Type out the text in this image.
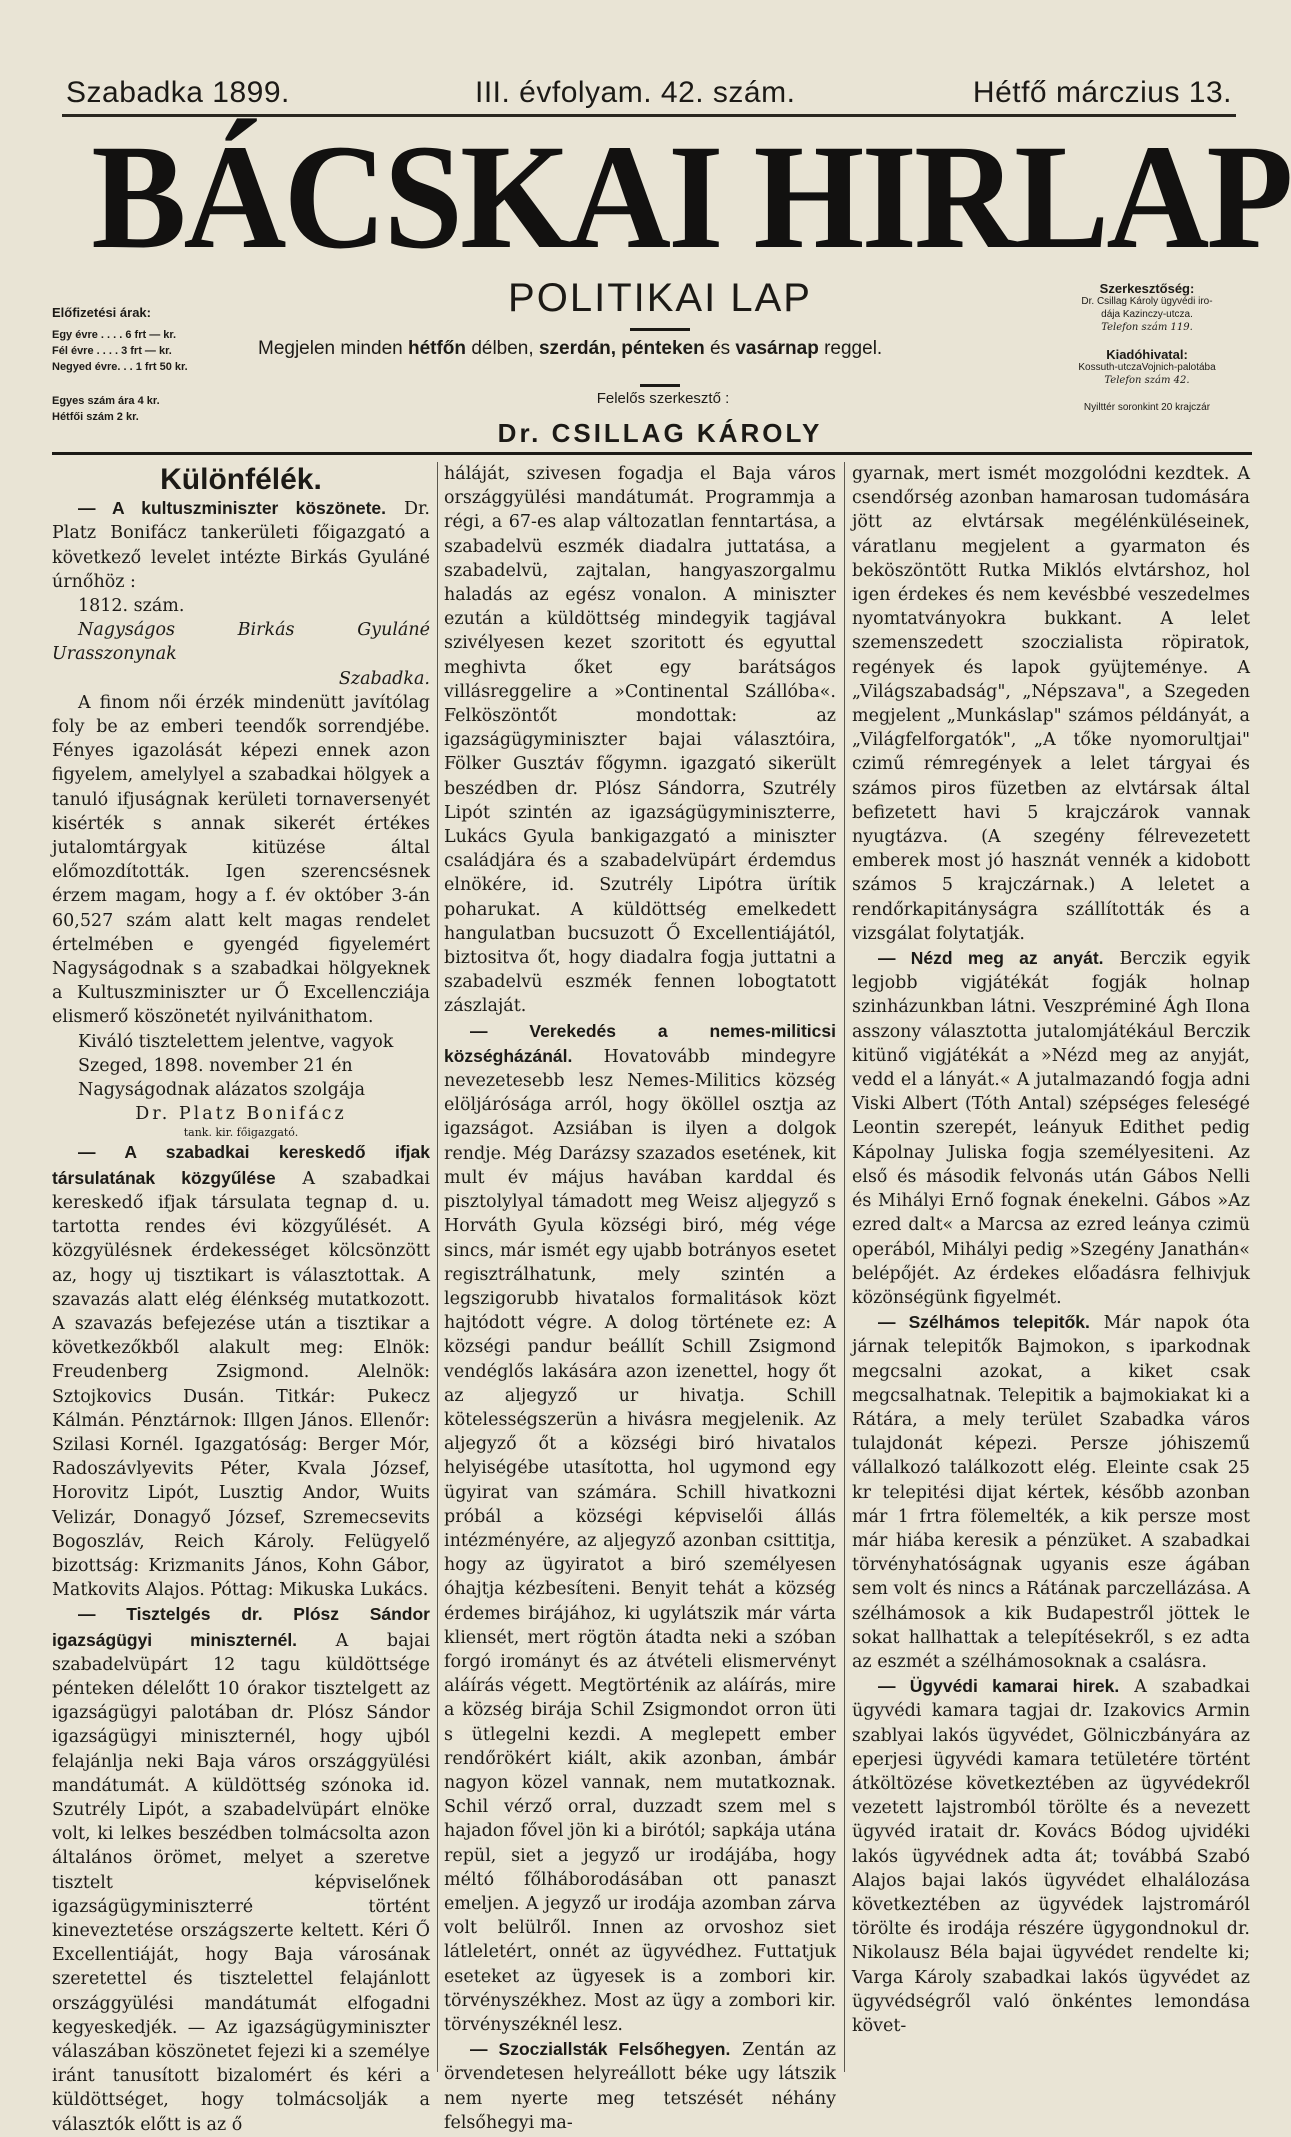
Szabadka 1899.	III. évfolyam. 42. szám.	Hétfő márczius 13.
BÁCSKAI HIRLAP
POLITIKAI LAP
Előfizetési árak:
Egy évre . . . . 6 frt — kr.
Fél évre . . . . 3 frt — kr.
Negyed évre. . . 1 frt 50 kr.
Egyes szám ára 4 kr.
Hétfői szám 2 kr.
Megjelen minden hétfőn délben, szerdán, pénteken és vasárnap reggel.
Felelős szerkesztő :
Dr. CSILLAG KÁROLY
Szerkesztőség:
Dr. Csillag Károly ügyvédi iro-
dája Kazinczy-utcza.
Telefon szám 119.
Kiadóhivatal:
Kossuth-utczaVojnich-palotába
Telefon szám 42.
Nyilttér soronkint 20 krajczár
Különfélék.

— A kultuszminiszter köszönete. Dr. Platz Bonifácz tankerületi főigazgató a következő levelet intézte Birkás Gyuláné úrnőhöz :

1812. szám.

Nagyságos Birkás Gyuláné Urasszonynak

Szabadka.

A finom női érzék mindenütt javítólag foly be az emberi teendők sorrendjébe. Fényes igazolását képezi ennek azon figyelem, amelylyel a szabadkai hölgyek a tanuló ifjuságnak kerületi tornaversenyét kisérték s annak sikerét értékes jutalomtárgyak kitüzése által előmozdították. Igen szerencsésnek érzem magam, hogy a f. év október 3-án 60,527 szám alatt kelt magas rendelet értelmében e gyengéd figyelemért Nagyságodnak s a szabadkai hölgyeknek a Kultuszminiszter ur Ő Excellencziája elismerő köszönetét nyilvánithatom.

Kiváló tisztelettem jelentve, vagyok

Szeged, 1898. november 21 én

Nagyságodnak alázatos szolgája

Dr. Platz Bonifácz

tank. kir. főigazgató.

— A szabadkai kereskedő ifjak társulatának közgyűlése A szabadkai kereskedő ifjak társulata tegnap d. u. tartotta rendes évi közgyűlését. A közgyülésnek érdekességet kölcsönzött az, hogy uj tisztikart is választottak. A szavazás alatt elég élénkség mutatkozott. A szavazás befejezése után a tisztikar a következőkből alakult meg: Elnök: Freudenberg Zsigmond. Alelnök: Sztojkovics Dusán. Titkár: Pukecz Kálmán. Pénztárnok: Illgen János. Ellenőr: Szilasi Kornél. Igazgatóság: Berger Mór, Radoszávlyevits Péter, Kvala József, Horovitz Lipót, Lusztig Andor, Wuits Velizár, Donagyő József, Szremecsevits Bogoszláv, Reich Károly. Felügyelő bizottság: Krizmanits János, Kohn Gábor, Matkovits Alajos. Póttag: Mikuska Lukács.

— Tisztelgés dr. Plósz Sándor igazságügyi miniszternél. A bajai szabadelvüpárt 12 tagu küldöttsége pénteken délelőtt 10 órakor tisztelgett az igazságügyi palotában dr. Plósz Sándor igazságügyi miniszternél, hogy ujból felajánlja neki Baja város országgyülési mandátumát. A küldöttség szónoka id. Szutrély Lipót, a szabadelvüpárt elnöke volt, ki lelkes beszédben tolmácsolta azon általános örömet, melyet a szeretve tisztelt képviselőnek igazságügyminiszterré történt kineveztetése országszerte keltett. Kéri Ő Excellentiáját, hogy Baja városának szeretettel és tisztelettel felajánlott országgyülési mandátumát elfogadni kegyeskedjék. — Az igazságügyminiszter válaszában köszönetet fejezi ki a személye iránt tanusított bizalomért és kéri a küldöttséget, hogy tolmácsolják a választók előtt is az ő

háláját, szivesen fogadja el Baja város országgyülési mandátumát. Programmja a régi, a 67-es alap változatlan fenntartása, a szabadelvü eszmék diadalra juttatása, a szabadelvü, zajtalan, hangyaszorgalmu haladás az egész vonalon. A miniszter ezután a küldöttség mindegyik tagjával szivélyesen kezet szoritott és egyuttal meghivta őket egy barátságos villásreggelire a »Continental Szállóba«. Felköszöntőt mondottak: az igazságügyminiszter bajai választóira, Fölker Gusztáv főgymn. igazgató sikerült beszédben dr. Plósz Sándorra, Szutrély Lipót szintén az igazságügyminiszterre, Lukács Gyula bankigazgató a miniszter családjára és a szabadelvüpárt érdemdus elnökére, id. Szutrély Lipótra ürítik poharukat. A küldöttség emelkedett hangulatban bucsuzott Ő Excellentiájától, biztositva őt, hogy diadalra fogja juttatni a szabadelvü eszmék fennen lobogtatott zászlaját.

— Verekedés a nemes-militicsi községházánál. Hovatovább mindegyre nevezetesebb lesz Nemes-Militics község elöljárósága arról, hogy ököllel osztja az igazságot. Azsiában is ilyen a dolgok rendje. Még Darázsy szazados esetének, kit mult év május havában karddal és pisztolylyal támadott meg Weisz aljegyző s Horváth Gyula községi biró, még vége sincs, már ismét egy ujabb botrányos esetet regisztrálhatunk, mely szintén a legszigorubb hivatalos formalitások közt hajtódott végre. A dolog története ez: A községi pandur beállít Schill Zsigmond vendéglős lakására azon izenettel, hogy őt az aljegyző ur hivatja. Schill kötelességszerün a hivásra megjelenik. Az aljegyző őt a községi biró hivatalos helyiségébe utasította, hol ugymond egy ügyirat van számára. Schill hivatkozni próbál a községi képviselői állás intézményére, az aljegyző azonban csittitja, hogy az ügyiratot a biró személyesen óhajtja kézbesíteni. Benyit tehát a község érdemes birájához, ki ugylátszik már várta kliensét, mert rögtön átadta neki a szóban forgó irományt és az átvételi elismervényt aláírás végett. Megtörténik az aláírás, mire a község birája Schil Zsigmondot orron üti s ütlegelni kezdi. A meglepett ember rendőrökért kiált, akik azonban, ámbár nagyon közel vannak, nem mutatkoznak. Schil vérző orral, duzzadt szem mel s hajadon fővel jön ki a birótól; sapkája utána repül, siet a jegyző ur irodájába, hogy méltó főlháborodásában ott panaszt emeljen. A jegyző ur irodája azomban zárva volt belülről. Innen az orvoshoz siet látleletért, onnét az ügyvédhez. Futtatjuk eseteket az ügyesek is a zombori kir. törvényszékhez. Most az ügy a zombori kir. törvényszéknél lesz.

— Szocziallsták Felsőhegyen. Zentán az örvendetesen helyreállott béke ugy látszik nem nyerte meg tetszését néhány felsőhegyi ma-

gyarnak, mert ismét mozgolódni kezdtek. A csendőrség azonban hamarosan tudomására jött az elvtársak megélénküléseinek, váratlanu megjelent a gyarmaton és beköszöntött Rutka Miklós elvtárshoz, hol igen érdekes és nem kevésbbé veszedelmes nyomtatványokra bukkant. A lelet szemenszedett szoczialista röpiratok, regények és lapok gyüjteménye. A „Világszabadság", „Népszava", a Szegeden megjelent „Munkáslap" számos példányát, a „Világfelforgatók", „A tőke nyomorultjai" czimű rémregények a lelet tárgyai és számos piros füzetben az elvtársak által befizetett havi 5 krajczárok vannak nyugtázva. (A szegény félrevezetett emberek most jó hasznát vennék a kidobott számos 5 krajczárnak.) A leletet a rendőrkapitányságra szállították és a vizsgálat folytatják.

— Nézd meg az anyát. Berczik egyik legjobb vigjátékát fogják holnap szinházunkban látni. Veszpréminé Ágh Ilona asszony választotta jutalomjátékául Berczik kitünő vigjátékát a »Nézd meg az anyját, vedd el a lányát.« A jutalmazandó fogja adni Viski Albert (Tóth Antal) szépséges feleségé Leontin szerepét, leányuk Edithet pedig Kápolnay Juliska fogja személyesiteni. Az első és második felvonás után Gábos Nelli és Mihályi Ernő fognak énekelni. Gábos »Az ezred dalt« a Marcsa az ezred leánya czimü operából, Mihályi pedig »Szegény Janathán« belépőjét. Az érdekes előadásra felhivjuk közönségünk figyelmét.

— Szélhámos telepitők. Már napok óta járnak telepitők Bajmokon, s iparkodnak megcsalni azokat, a kiket csak megcsalhatnak. Telepitik a bajmokiakat ki a Rátára, a mely terület Szabadka város tulajdonát képezi. Persze jóhiszemű vállalkozó találkozott elég. Eleinte csak 25 kr telepitési dijat kértek, később azonban már 1 frtra fölemelték, a kik persze most már hiába keresik a pénzüket. A szabadkai törvényhatóságnak ugyanis esze ágában sem volt és nincs a Rátának parczellázása. A szélhámosok a kik Budapestről jöttek le sokat hallhattak a telepítésekről, s ez adta az eszmét a szélhámosoknak a csalásra.

— Ügyvédi kamarai hirek. A szabadkai ügyvédi kamara tagjai dr. Izakovics Armin szablyai lakós ügyvédet, Gölniczbányára az eperjesi ügyvédi kamara tetületére történt átköltözése következtében az ügyvédekről vezetett lajstromból törölte és a nevezett ügyvéd iratait dr. Kovács Bódog ujvidéki lakós ügyvédnek adta át; továbbá Szabó Alajos bajai lakós ügyvédet elhalálozása következtében az ügyvédek lajstromáról törölte és irodája részére ügygondnokul dr. Nikolausz Béla bajai ügyvédet rendelte ki; Varga Károly szabadkai lakós ügyvédet az ügyvédségről való önkéntes lemondása követ-
